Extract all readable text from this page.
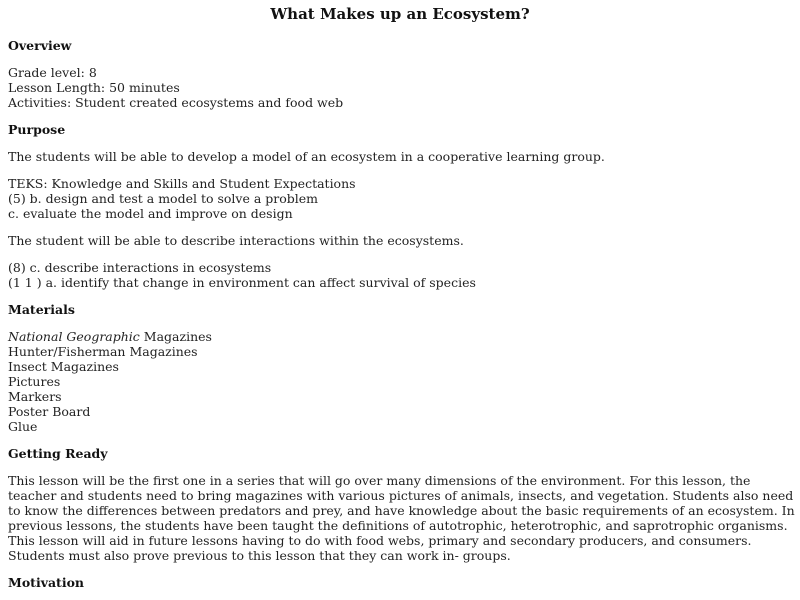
What Makes up an Ecosystem?
Overview

Grade level: 8
Lesson Length: 50 minutes
Activities: Student created ecosystems and food web

Purpose

The students will be able to develop a model of an ecosystem in a cooperative learning group.

TEKS: Knowledge and Skills and Student Expectations
(5) b. design and test a model to solve a problem
c. evaluate the model and improve on design

The student will be able to describe interactions within the ecosystems.

(8) c. describe interactions in ecosystems
(1 1 ) a. identify that change in environment can affect survival of species

Materials

National Geographic Magazines
Hunter/Fisherman Magazines
Insect Magazines
Pictures
Markers
Poster Board
Glue

Getting Ready

This lesson will be the first one in a series that will go over many dimensions of the environment. For this lesson, the
teacher and students need to bring magazines with various pictures of animals, insects, and vegetation. Students also need
to know the differences between predators and prey, and have knowledge about the basic requirements of an ecosystem. In
previous lessons, the students have been taught the definitions of autotrophic, heterotrophic, and saprotrophic organisms.
This lesson will aid in future lessons having to do with food webs, primary and secondary producers, and consumers.
Students must also prove previous to this lesson that they can work in- groups.

Motivation
